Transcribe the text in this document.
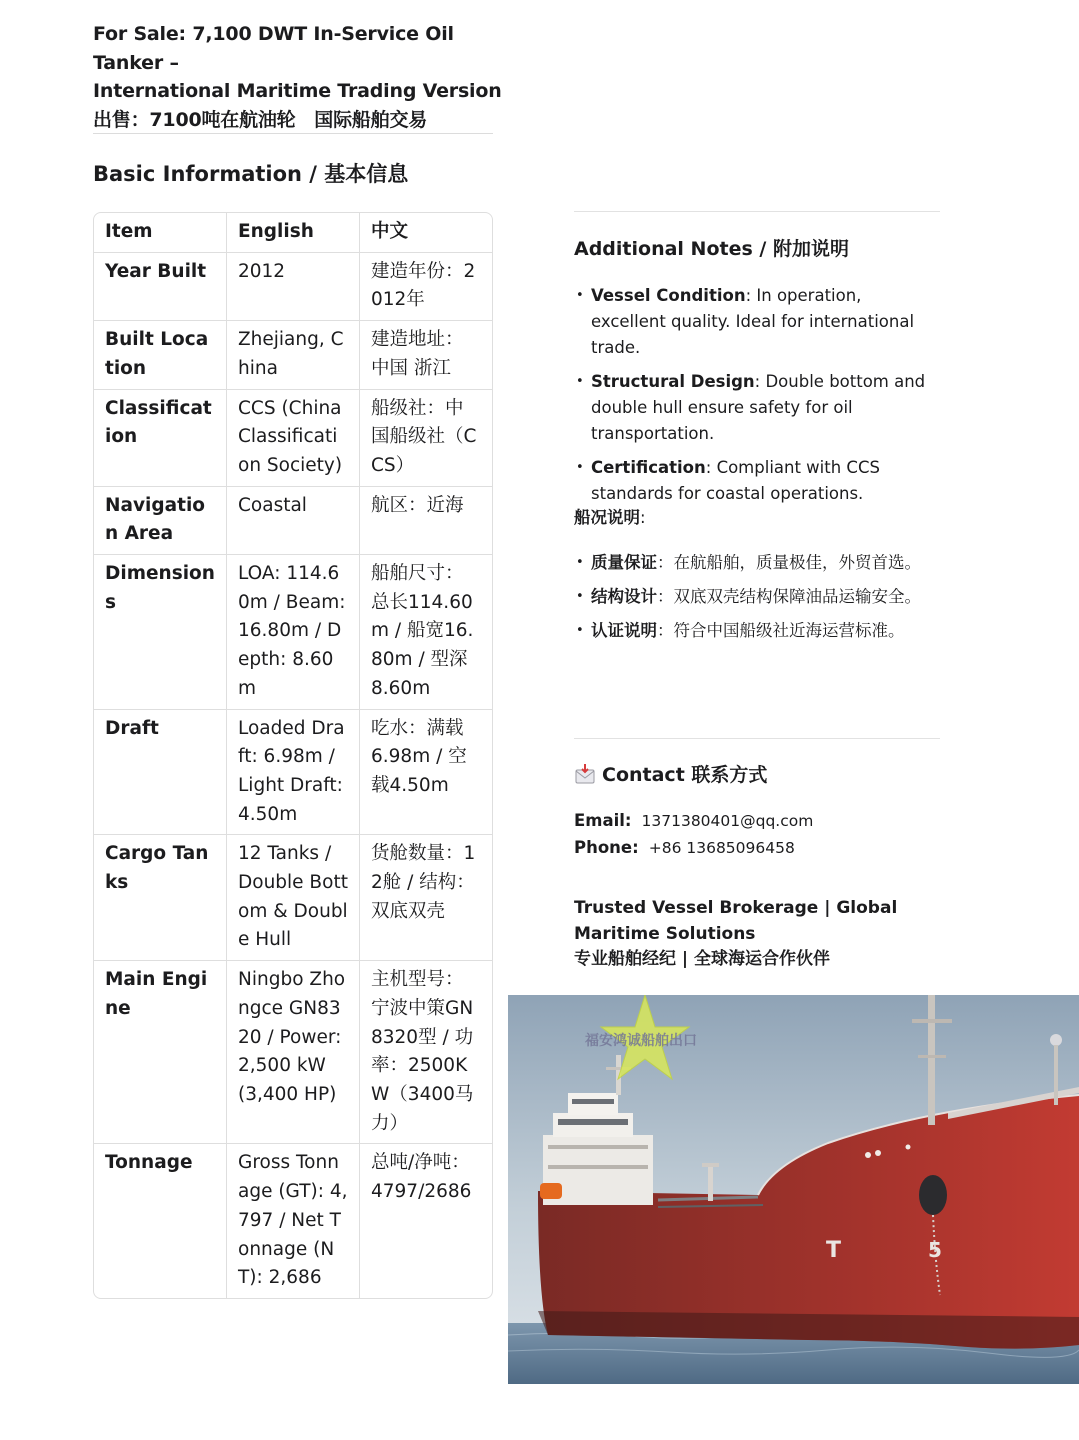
For Sale: 7,100 DWT In-Service Oil Tanker –
International Maritime Trading Version
出售：7100吨在航油轮　国际船舶交易
Basic Information / 基本信息
Item	English	中文
Year Built	2012	建造年份：2012年
Built Location	Zhejiang, China	建造地址：中国 浙江
Classification	CCS (China Classification Society)	船级社：中国船级社（CCS）
Navigation Area	Coastal	航区：近海
Dimensions	LOA: 114.60m / Beam: 16.80m / Depth: 8.60m	船舶尺寸：总长114.60m / 船宽16.80m / 型深8.60m
Draft	Loaded Draft: 6.98m / Light Draft: 4.50m	吃水：满载6.98m / 空载4.50m
Cargo Tanks	12 Tanks / Double Bottom & Double Hull	货舱数量：12舱 / 结构：双底双壳
Main Engine	Ningbo Zhongce GN8320 / Power: 2,500 kW (3,400 HP)	主机型号：宁波中策GN8320型 / 功率：2500KW（3400马力）
Tonnage	Gross Tonnage (GT): 4,797 / Net Tonnage (NT): 2,686	总吨/净吨：4797/2686
Additional Notes / 附加说明
• Vessel Condition: In operation, excellent quality. Ideal for international trade.
• Structural Design: Double bottom and double hull ensure safety for oil transportation.
• Certification: Compliant with CCS standards for coastal operations.
船况说明:
• 质量保证：在航船舶，质量极佳，外贸首选。
• 结构设计：双底双壳结构保障油品运输安全。
• 认证说明：符合中国船级社近海运营标准。
Contact 联系方式
Email: 1371380401@qq.com
Phone: +86 13685096458
Trusted Vessel Brokerage | Global Maritime Solutions
专业船舶经纪 | 全球海运合作伙伴
T	5
福安鸿诚船舶出口
